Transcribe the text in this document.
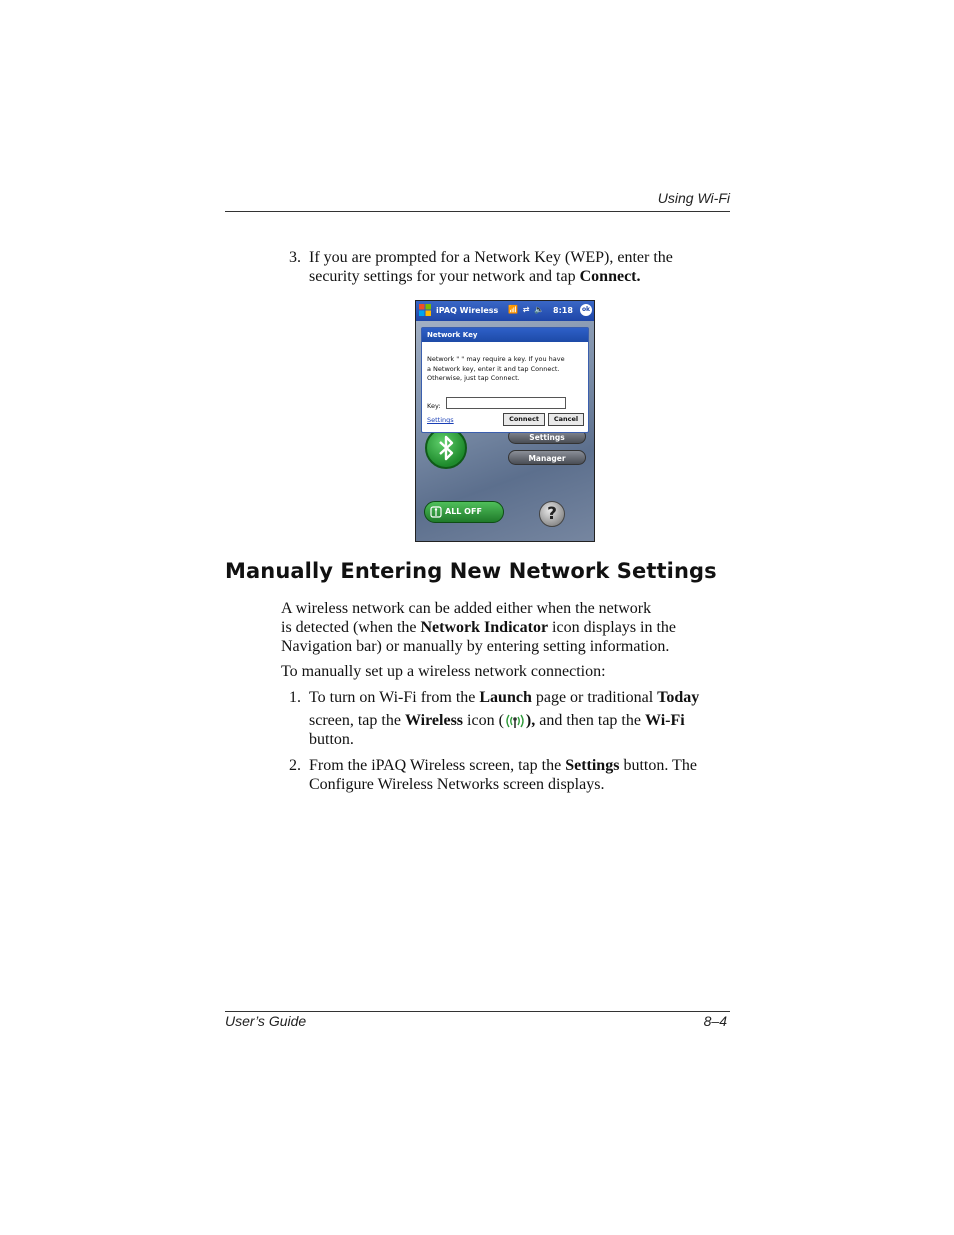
Using Wi-Fi
3. If you are prompted for a Network Key (WEP), enter the
security settings for your network and tap Connect.
iPAQ Wireless 📶 ⇄ 🔈 8:18	ok
Settings
Manager
Network Key
Network " " may require a key. If you have
a Network key, enter it and tap Connect.
Otherwise, just tap Connect.
Key:
Settings	Connect	Cancel
ALL OFF	?
Manually Entering New Network Settings
A wireless network can be added either when the network
is detected (when the Network Indicator icon displays in the
Navigation bar) or manually by entering setting information.
To manually set up a wireless network connection:
1. To turn on Wi-Fi from the Launch page or traditional Today
screen, tap the Wireless icon ( ), and then tap the Wi-Fi
button.
2. From the iPAQ Wireless screen, tap the Settings button. The
Configure Wireless Networks screen displays.
User’s Guide	8–4
